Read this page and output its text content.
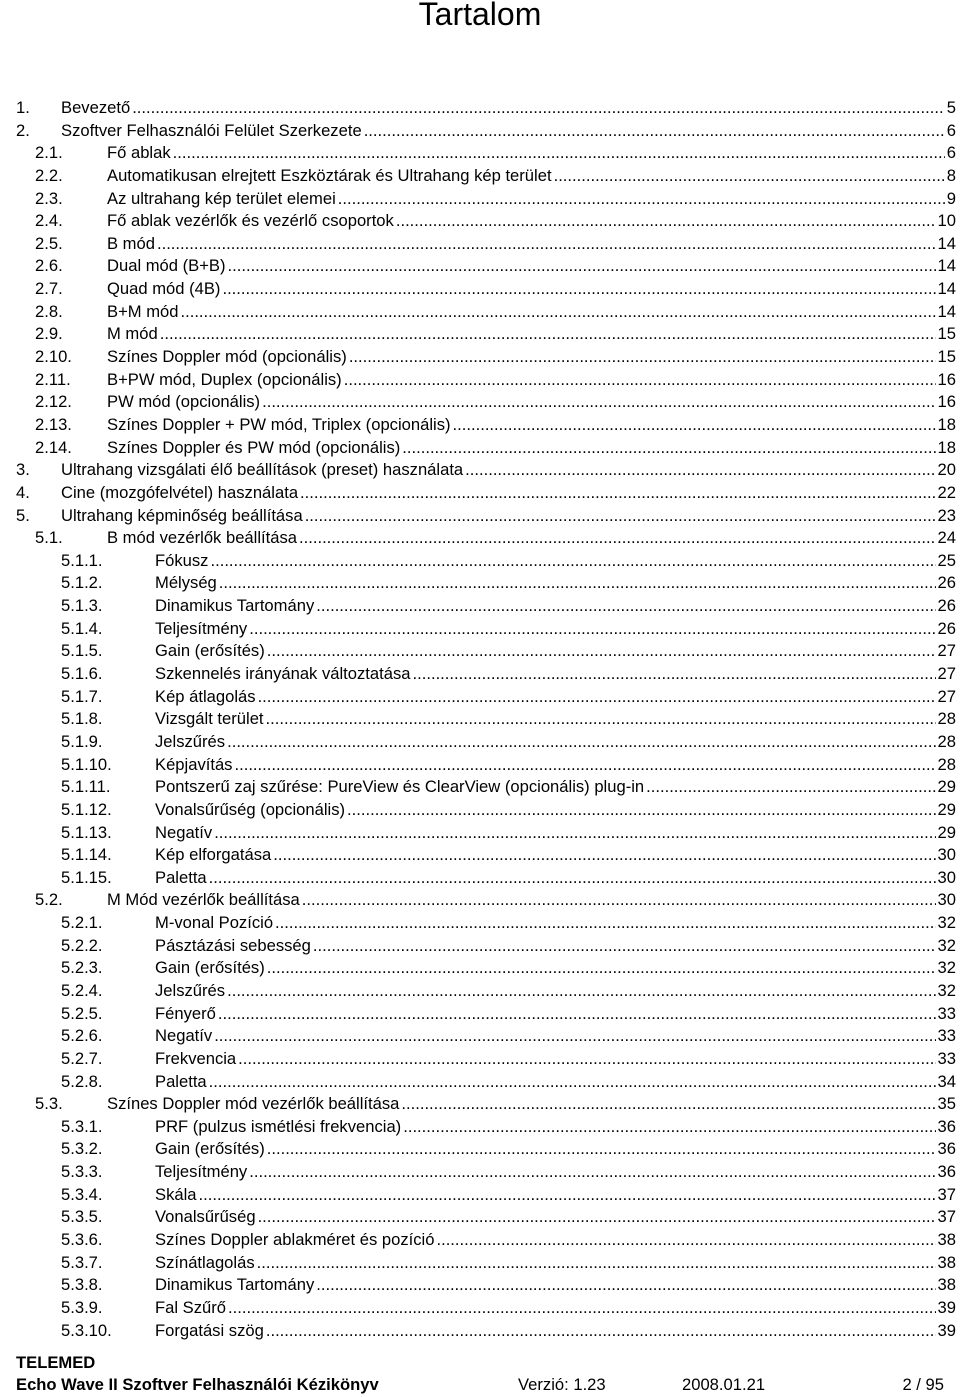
Tartalom
1. Bevezető .....	5
2. Szoftver Felhasználói Felület Szerkezete .....	6
2.1.	Fő ablak .....	6
2.2.	Automatikusan elrejtett Eszköztárak és Ultrahang kép terület .....	8
2.3.	Az ultrahang kép terület elemei .....	9
2.4.	Fő ablak vezérlők és vezérlő csoportok .....	10
2.5.	B mód .....	14
2.6.	Dual mód (B+B) .....	14
2.7.	Quad mód (4B) .....	14
2.8.	B+M mód .....	14
2.9.	M mód .....	15
2.10. Színes Doppler mód (opcionális) .....	15
2.11. B+PW mód, Duplex (opcionális) .....	16
2.12. PW mód (opcionális) .....	16
2.13. Színes Doppler + PW mód, Triplex (opcionális) .....	18
2.14. Színes Doppler és PW mód (opcionális) .....	18
3. Ultrahang vizsgálati élő beállítások (preset) használata .....	20
4. Cine (mozgófelvétel) használata .....	22
5. Ultrahang képminőség beállítása .....	23
5.1.	B mód vezérlők beállítása .....	24
5.1.1.	Fókusz .....	25
5.1.2.	Mélység .....	26
5.1.3.	Dinamikus Tartomány .....	26
5.1.4.	Teljesítmény .....	26
5.1.5.	Gain (erősítés) .....	27
5.1.6.	Szkennelés irányának változtatása .....	27
5.1.7.	Kép átlagolás .....	27
5.1.8.	Vizsgált terület .....	28
5.1.9.	Jelszűrés .....	28
5.1.10.	Képjavítás .....	28
5.1.11.	Pontszerű zaj szűrése: PureView és ClearView (opcionális) plug-in .....	29
5.1.12.	Vonalsűrűség (opcionális) .....	29
5.1.13.	Negatív .....	29
5.1.14.	Kép elforgatása .....	30
5.1.15.	Paletta .....	30
5.2.	M Mód vezérlők beállítása .....	30
5.2.1.	M-vonal Pozíció .....	32
5.2.2.	Pásztázási sebesség .....	32
5.2.3.	Gain (erősítés) .....	32
5.2.4.	Jelszűrés .....	32
5.2.5.	Fényerő .....	33
5.2.6.	Negatív .....	33
5.2.7.	Frekvencia .....	33
5.2.8.	Paletta .....	34
5.3.	Színes Doppler mód vezérlők beállítása .....	35
5.3.1.	PRF (pulzus ismétlési frekvencia) .....	36
5.3.2.	Gain (erősítés) .....	36
5.3.3.	Teljesítmény .....	36
5.3.4.	Skála .....	37
5.3.5.	Vonalsűrűség .....	37
5.3.6.	Színes Doppler ablakméret és pozíció .....	38
5.3.7.	Színátlagolás .....	38
5.3.8.	Dinamikus Tartomány .....	38
5.3.9.	Fal Szűrő .....	39
5.3.10.	Forgatási szög .....	39
TELEMED
Echo Wave II Szoftver Felhasználói Kézikönyv	Verzió: 1.23	2008.01.21	2 / 95
